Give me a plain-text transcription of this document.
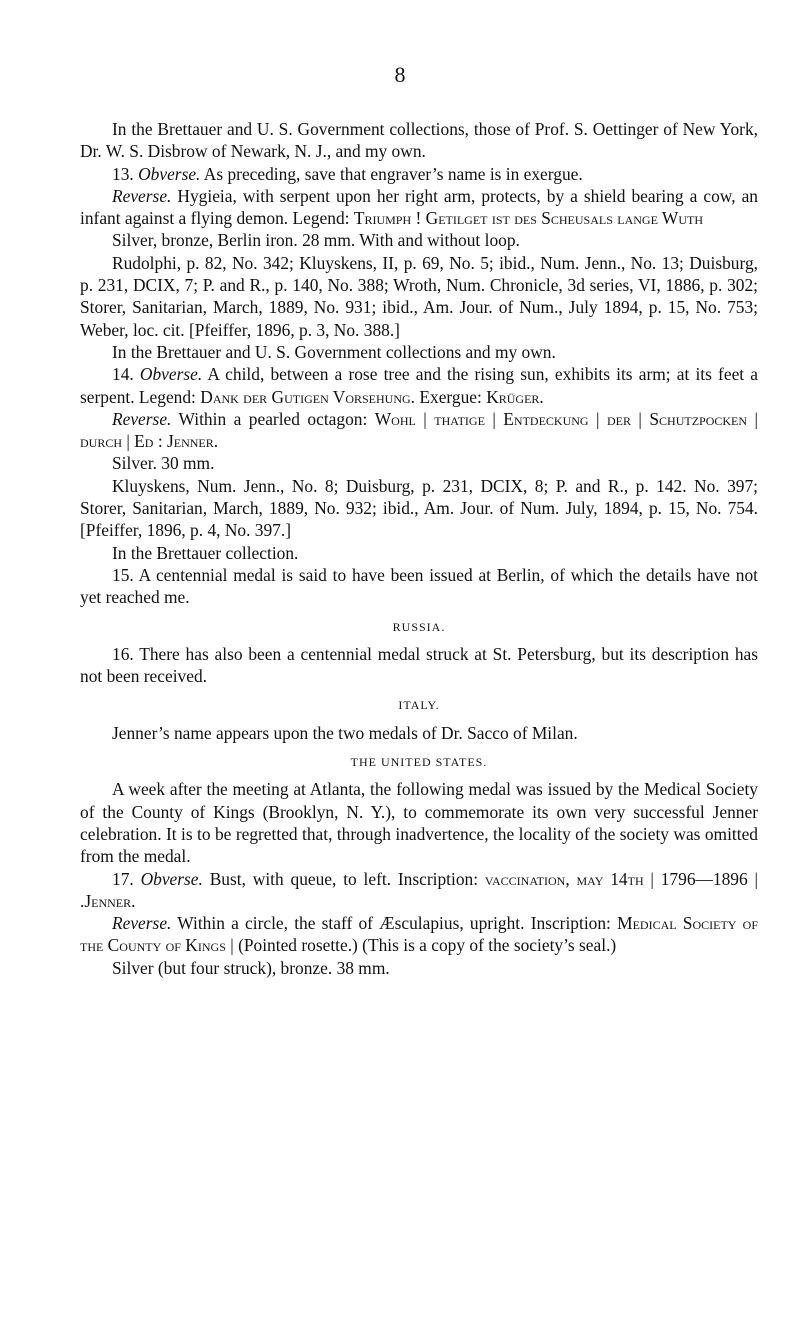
8

In the Brettauer and U. S. Government collections, those of Prof. S. Oettinger of New York, Dr. W. S. Disbrow of Newark, N. J., and my own.

13. Obverse. As preceding, save that engraver’s name is in exergue.

Reverse. Hygieia, with serpent upon her right arm, protects, by a shield bearing a cow, an infant against a flying demon. Legend: Triumph ! Getilget ist des Scheusals lange Wuth

Silver, bronze, Berlin iron. 28 mm. With and without loop.

Rudolphi, p. 82, No. 342; Kluyskens, II, p. 69, No. 5; ibid., Num. Jenn., No. 13; Duisburg, p. 231, DCIX, 7; P. and R., p. 140, No. 388; Wroth, Num. Chronicle, 3d series, VI, 1886, p. 302; Storer, Sanitarian, March, 1889, No. 931; ibid., Am. Jour. of Num., July 1894, p. 15, No. 753; Weber, loc. cit. [Pfeiffer, 1896, p. 3, No. 388.]

In the Brettauer and U. S. Government collections and my own.

14. Obverse. A child, between a rose tree and the rising sun, exhibits its arm; at its feet a serpent. Legend: Dank der Gutigen Vorsehung. Exergue: Krüger.

Reverse. Within a pearled octagon: Wohl | thatige | Entdeckung | der | Schutzpocken | durch | Ed : Jenner.

Silver. 30 mm.

Kluyskens, Num. Jenn., No. 8; Duisburg, p. 231, DCIX, 8; P. and R., p. 142. No. 397; Storer, Sanitarian, March, 1889, No. 932; ibid., Am. Jour. of Num. July, 1894, p. 15, No. 754. [Pfeiffer, 1896, p. 4, No. 397.]

In the Brettauer collection.

15. A centennial medal is said to have been issued at Berlin, of which the details have not yet reached me.

RUSSIA.

16. There has also been a centennial medal struck at St. Petersburg, but its description has not been received.

ITALY.

Jenner’s name appears upon the two medals of Dr. Sacco of Milan.

THE UNITED STATES.

A week after the meeting at Atlanta, the following medal was issued by the Medical Society of the County of Kings (Brooklyn, N. Y.), to commemorate its own very successful Jenner celebration. It is to be regretted that, through inadvertence, the locality of the society was omitted from the medal.

17. Obverse. Bust, with queue, to left. Inscription: vaccination, may 14th | 1796—1896 | .Jenner.

Reverse. Within a circle, the staff of Æsculapius, upright. Inscription: Medical Society of the County of Kings | (Pointed rosette.) (This is a copy of the society’s seal.)

Silver (but four struck), bronze. 38 mm.
